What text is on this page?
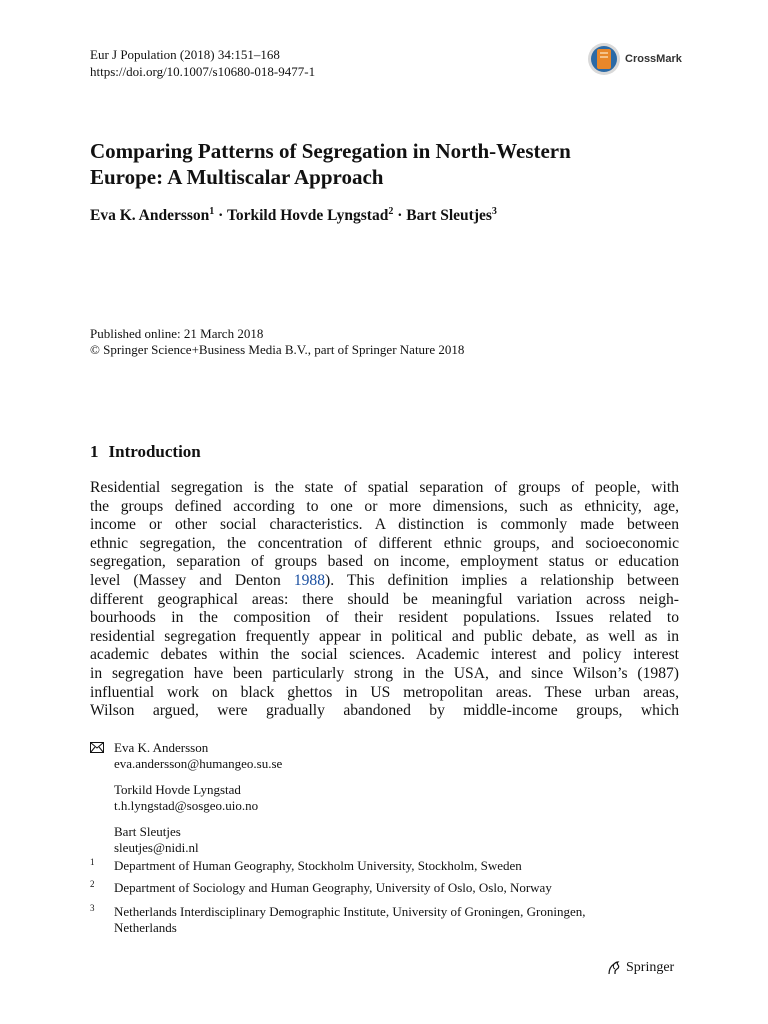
Eur J Population (2018) 34:151–168
https://doi.org/10.1007/s10680-018-9477-1
CrossMark
Comparing Patterns of Segregation in North-Western
Europe: A Multiscalar Approach
Eva K. Andersson$^1$ · Torkild Hovde Lyngstad$^2$ · Bart Sleutjes$^3$
Published online: 21 March 2018
© Springer Science+Business Media B.V., part of Springer Nature 2018
1 Introduction
Residential segregation is the state of spatial separation of groups of people, with
the groups defined according to one or more dimensions, such as ethnicity, age,
income or other social characteristics. A distinction is commonly made between
ethnic segregation, the concentration of different ethnic groups, and socioeconomic
segregation, separation of groups based on income, employment status or education
level (Massey and Denton 1988). This definition implies a relationship between
different geographical areas: there should be meaningful variation across neigh-
bourhoods in the composition of their resident populations. Issues related to
residential segregation frequently appear in political and public debate, as well as in
academic debates within the social sciences. Academic interest and policy interest
in segregation have been particularly strong in the USA, and since Wilson’s (1987)
influential work on black ghettos in US metropolitan areas. These urban areas,
Wilson argued, were gradually abandoned by middle-income groups, which
Eva K. Andersson
eva.andersson@humangeo.su.se
Torkild Hovde Lyngstad
t.h.lyngstad@sosgeo.uio.no
Bart Sleutjes
sleutjes@nidi.nl
1 Department of Human Geography, Stockholm University, Stockholm, Sweden
2 Department of Sociology and Human Geography, University of Oslo, Oslo, Norway
3 Netherlands Interdisciplinary Demographic Institute, University of Groningen, Groningen,
Netherlands
Springer
